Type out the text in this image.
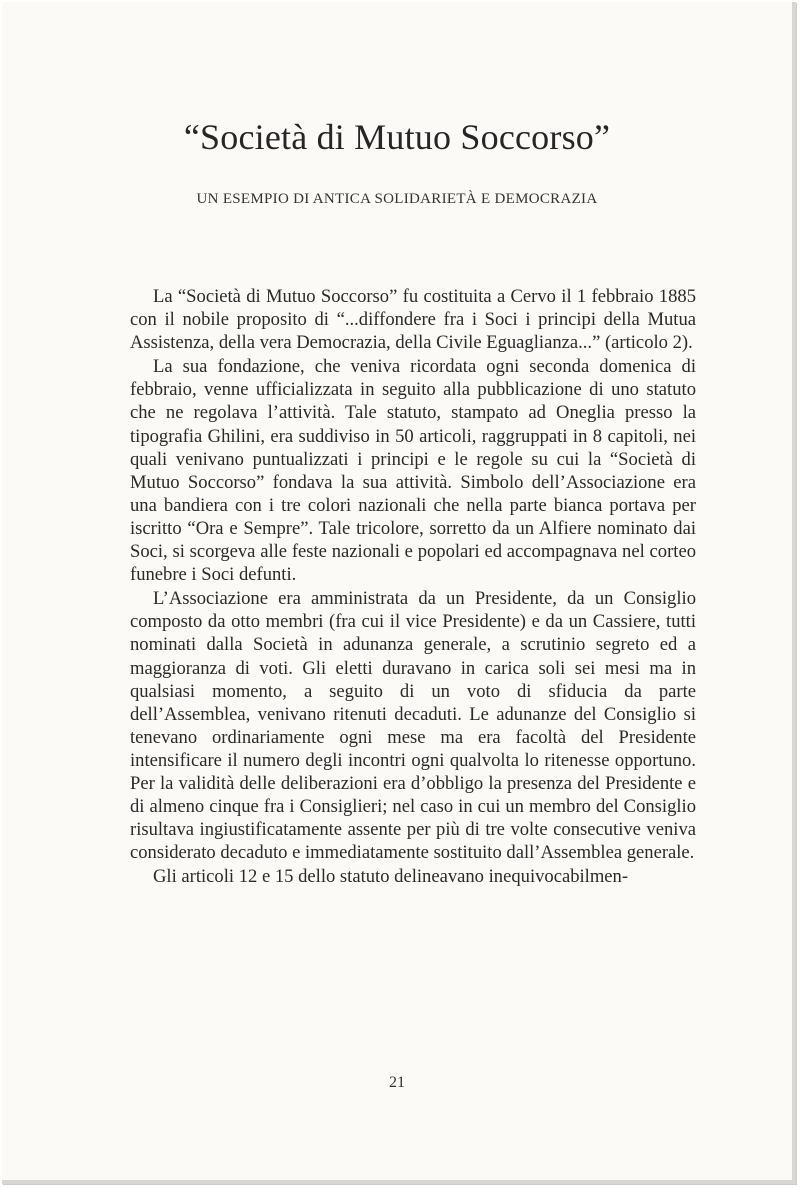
“Società di Mutuo Soccorso”
UN ESEMPIO DI ANTICA SOLIDARIETÀ E DEMOCRAZIA

La “Società di Mutuo Soccorso” fu costituita a Cervo il 1 febbraio 1885 con il nobile proposito di “...diffondere fra i Soci i principi della Mutua Assistenza, della vera Democrazia, della Civile Eguaglianza...” (articolo 2).

La sua fondazione, che veniva ricordata ogni seconda domenica di febbraio, venne ufficializzata in seguito alla pubblicazione di uno statuto che ne regolava l’attività. Tale statuto, stampato ad Oneglia presso la tipografia Ghilini, era suddiviso in 50 articoli, raggruppati in 8 capitoli, nei quali venivano puntualizzati i principi e le regole su cui la “Società di Mutuo Soccorso” fondava la sua attività. Simbolo dell’Associazione era una bandiera con i tre colori nazionali che nella parte bianca portava per iscritto “Ora e Sempre”. Tale tricolore, sorretto da un Alfiere nominato dai Soci, si scorgeva alle feste nazionali e popolari ed accompagnava nel corteo funebre i Soci defunti.

L’Associazione era amministrata da un Presidente, da un Consiglio composto da otto membri (fra cui il vice Presidente) e da un Cassiere, tutti nominati dalla Società in adunanza generale, a scrutinio segreto ed a maggioranza di voti. Gli eletti duravano in carica soli sei mesi ma in qualsiasi momento, a seguito di un voto di sfiducia da parte dell’Assemblea, venivano ritenuti decaduti. Le adunanze del Consiglio si tenevano ordinariamente ogni mese ma era facoltà del Presidente intensificare il numero degli incontri ogni qualvolta lo ritenesse opportuno. Per la validità delle deliberazioni era d’obbligo la presenza del Presidente e di almeno cinque fra i Consiglieri; nel caso in cui un membro del Consiglio risultava ingiustificatamente assente per più di tre volte consecutive veniva considerato decaduto e immediatamente sostituito dall’Assemblea generale.

Gli articoli 12 e 15 dello statuto delineavano inequivocabilmen-

21
